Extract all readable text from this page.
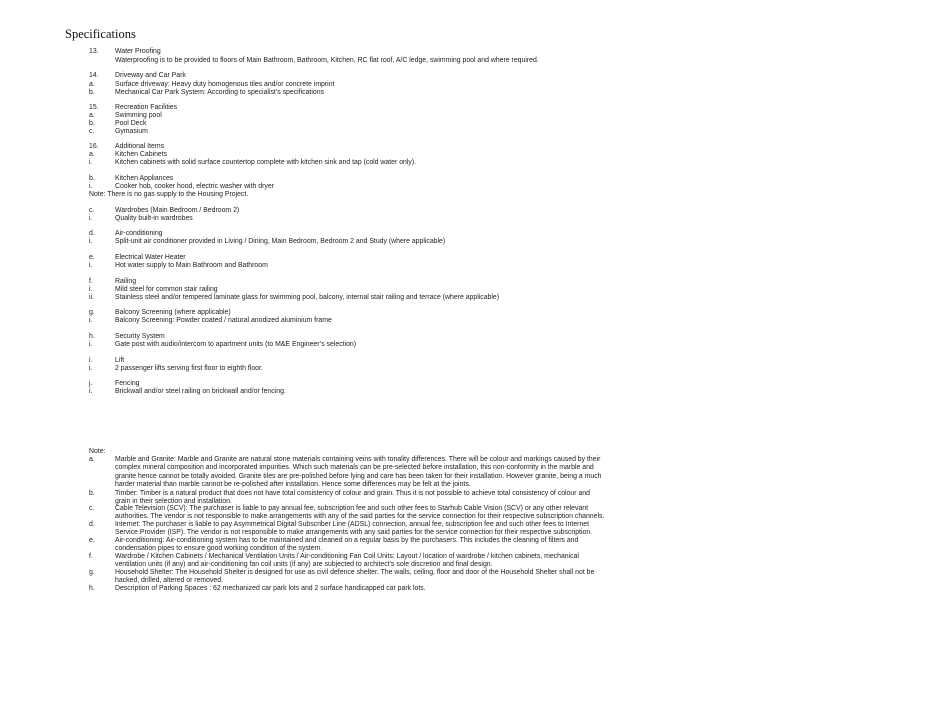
Specifications
13. Water Proofing
Waterproofing is to be provided to floors of Main Bathroom, Bathroom, Kitchen, RC flat roof, A/C ledge, swimming pool and where required.
14. Driveway and Car Park
a.	Surface driveway: Heavy duty homogenous tiles and/or concrete imprint
b.	Mechanical Car Park System: According to specialist’s specifications
15. Recreation Facilities
a.	Swimming pool
b.	Pool Deck
c.	Gymasium
16. Additional Items
a.	Kitchen Cabinets
i.	Kitchen cabinets with solid surface countertop complete with kitchen sink and tap (cold water only).
b.	Kitchen Appliances
i.	Cooker hob, cooker hood, electric washer with dryer
Note: There is no gas supply to the Housing Project.
c.	Wardrobes (Main Bedroom / Bedroom 2)
i.	Quality built-in wardrobes
d.	Air-conditioning
i.	Split-unit air conditioner provided in Living / Dining, Main Bedroom, Bedroom 2 and Study (where applicable)
e.	Electrical Water Heater
i.	Hot water supply to Main Bathroom and Bathroom
f.	Railing
i.	Mild steel for common stair railing
ii.	Stainless steel and/or tempered laminate glass for swimming pool, balcony, internal stair railing and terrace (where applicable)
g.	Balcony Screening (where applicable)
i.	Balcony Screening: Powder coated / natural anodized aluminium frame
h.	Security System
i.	Gate post with audio/intercom to apartment units (to M&E Engineer’s selection)
i.	Lift
i.	2 passenger lifts serving first floor to eighth floor.
j.	Fencing
i.	Brickwall and/or steel railing on brickwall and/or fencing.
Note:
a.	Marble and Granite: Marble and Granite are natural stone materials containing veins with tonality differences. There will be colour and markings caused by their
complex mineral composition and incorporated impurities. Which such materials can be pre-selected before installation, this non-conformity in the marble and
granite hence cannot be totally avoided. Granite tiles are pre-polished before lying and care has been taken for their installation. However granite, being a much
harder material than marble cannot be re-polished after installation. Hence some differences may be felt at the joints.
b.	Timber: Timber is a natural product that does not have total consistency of colour and grain. Thus it is not possible to achieve total consistency of colour and
grain in their selection and installation.
c.	Cable Television (SCV): The purchaser is liable to pay annual fee, subscription fee and such other fees to Starhub Cable Vision (SCV) or any other relevant
authorities. The vendor is not responsible to make arrangements with any of the said parties for the service connection for their respective subscription channels.
d.	Internet: The purchaser is liable to pay Asymmetrical Digital Subscriber Line (ADSL) connection, annual fee, subscription fee and such other fees to Internet
Service Provider (ISP). The vendor is not responsible to make arrangements with any said parties for the service connection for their respective subscription.
e.	Air-conditioning: Air-conditioning system has to be maintained and cleaned on a regular basis by the purchasers. This includes the cleaning of filters and
condensation pipes to ensure good working condition of the system.
f.	Wardrobe / Kitchen Cabinets / Mechanical Ventilation Units / Air-conditioning Fan Coil Units: Layout / location of wardrobe / kitchen cabinets, mechanical
ventilation units (if any) and air-conditioning fan coil units (if any) are subjected to architect’s sole discretion and final design.
g.	Household Shelter: The Household Shelter is designed for use as civil defence shelter. The walls, ceiling, floor and door of the Household Shelter shall not be
hacked, drilled, altered or removed.
h.	Description of Parking Spaces : 62 mechanized car park lots and 2 surface handicapped car park lots.
